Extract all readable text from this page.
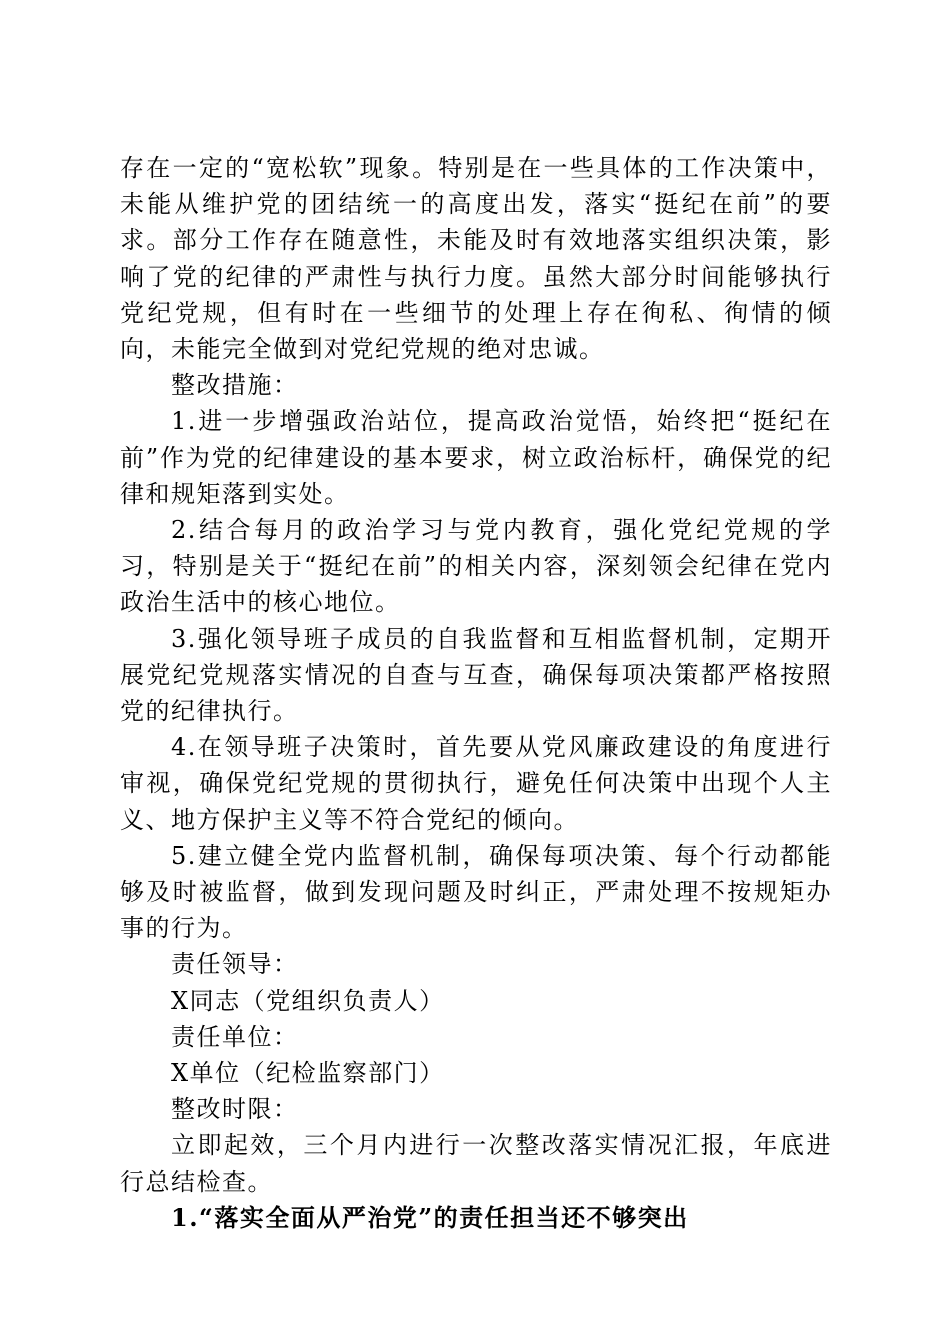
存在一定的“宽松软”现象。特别是在一些具体的工作决策中，未能从维护党的团结统一的高度出发，落实“挺纪在前”的要求。部分工作存在随意性，未能及时有效地落实组织决策，影响了党的纪律的严肃性与执行力度。虽然大部分时间能够执行党纪党规，但有时在一些细节的处理上存在徇私、徇情的倾向，未能完全做到对党纪党规的绝对忠诚。

整改措施：

1.进一步增强政治站位，提高政治觉悟，始终把“挺纪在前”作为党的纪律建设的基本要求，树立政治标杆，确保党的纪律和规矩落到实处。

2.结合每月的政治学习与党内教育，强化党纪党规的学习，特别是关于“挺纪在前”的相关内容，深刻领会纪律在党内政治生活中的核心地位。

3.强化领导班子成员的自我监督和互相监督机制，定期开展党纪党规落实情况的自查与互查，确保每项决策都严格按照党的纪律执行。

4.在领导班子决策时，首先要从党风廉政建设的角度进行审视，确保党纪党规的贯彻执行，避免任何决策中出现个人主义、地方保护主义等不符合党纪的倾向。

5.建立健全党内监督机制，确保每项决策、每个行动都能够及时被监督，做到发现问题及时纠正，严肃处理不按规矩办事的行为。

责任领导：

X同志（党组织负责人）

责任单位：

X单位（纪检监察部门）

整改时限：

立即起效，三个月内进行一次整改落实情况汇报，年底进行总结检查。

1.“落实全面从严治党”的责任担当还不够突出
